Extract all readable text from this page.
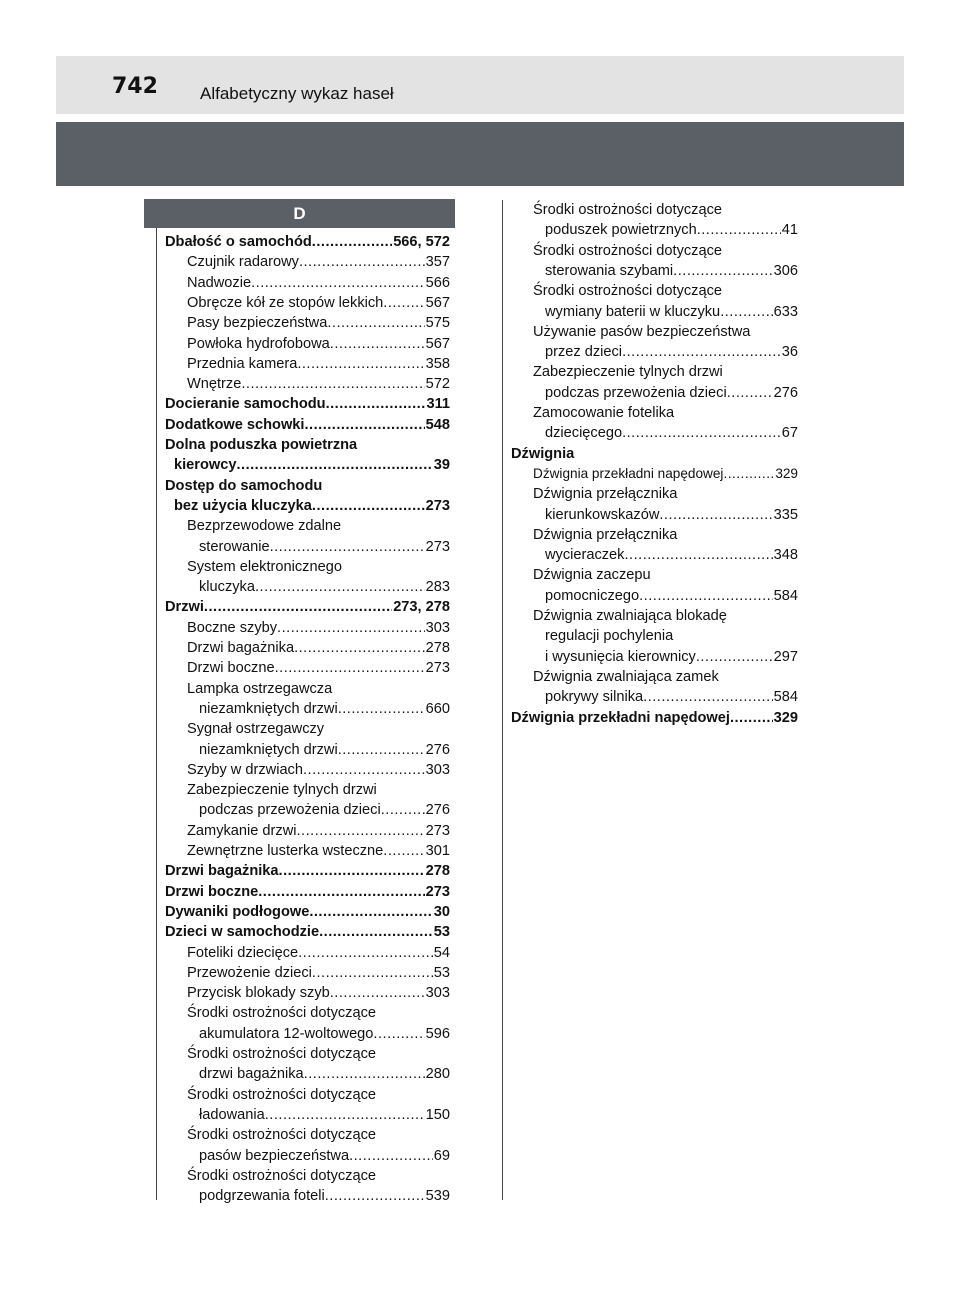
742 Alfabetyczny wykaz haseł
D
Dbałość o samochód .....	566, 572
Czujnik radarowy .....	357
Nadwozie .....	566
Obręcze kół ze stopów lekkich .....	567
Pasy bezpieczeństwa .....	575
Powłoka hydrofobowa .....	567
Przednia kamera .....	358
Wnętrze .....	572
Docieranie samochodu .....	311
Dodatkowe schowki .....	548
Dolna poduszka powietrzna
kierowcy .....	39
Dostęp do samochodu
bez użycia kluczyka .....	273
Bezprzewodowe zdalne
sterowanie .....	273
System elektronicznego
kluczyka .....	283
Drzwi .....	273, 278
Boczne szyby .....	303
Drzwi bagażnika .....	278
Drzwi boczne .....	273
Lampka ostrzegawcza
niezamkniętych drzwi .....	660
Sygnał ostrzegawczy
niezamkniętych drzwi .....	276
Szyby w drzwiach .....	303
Zabezpieczenie tylnych drzwi
podczas przewożenia dzieci .....	276
Zamykanie drzwi .....	273
Zewnętrzne lusterka wsteczne .....	301
Drzwi bagażnika .....	278
Drzwi boczne .....	273
Dywaniki podłogowe .....	30
Dzieci w samochodzie .....	53
Foteliki dziecięce .....	54
Przewożenie dzieci .....	53
Przycisk blokady szyb .....	303
Środki ostrożności dotyczące
akumulatora 12-woltowego .....	596
Środki ostrożności dotyczące
drzwi bagażnika .....	280
Środki ostrożności dotyczące
ładowania .....	150
Środki ostrożności dotyczące
pasów bezpieczeństwa .....	69
Środki ostrożności dotyczące
podgrzewania foteli .....	539
Środki ostrożności dotyczące
poduszek powietrznych .....	41
Środki ostrożności dotyczące
sterowania szybami .....	306
Środki ostrożności dotyczące
wymiany baterii w kluczyku .....	633
Używanie pasów bezpieczeństwa
przez dzieci .....	36
Zabezpieczenie tylnych drzwi
podczas przewożenia dzieci .....	276
Zamocowanie fotelika
dziecięcego .....	67
Dźwignia
Dźwignia przekładni napędowej .....	329
Dźwignia przełącznika
kierunkowskazów .....	335
Dźwignia przełącznika
wycieraczek .....	348
Dźwignia zaczepu
pomocniczego .....	584
Dźwignia zwalniająca blokadę
regulacji pochylenia
i wysunięcia kierownicy .....	297
Dźwignia zwalniająca zamek
pokrywy silnika .....	584
Dźwignia przekładni napędowej .....	329
